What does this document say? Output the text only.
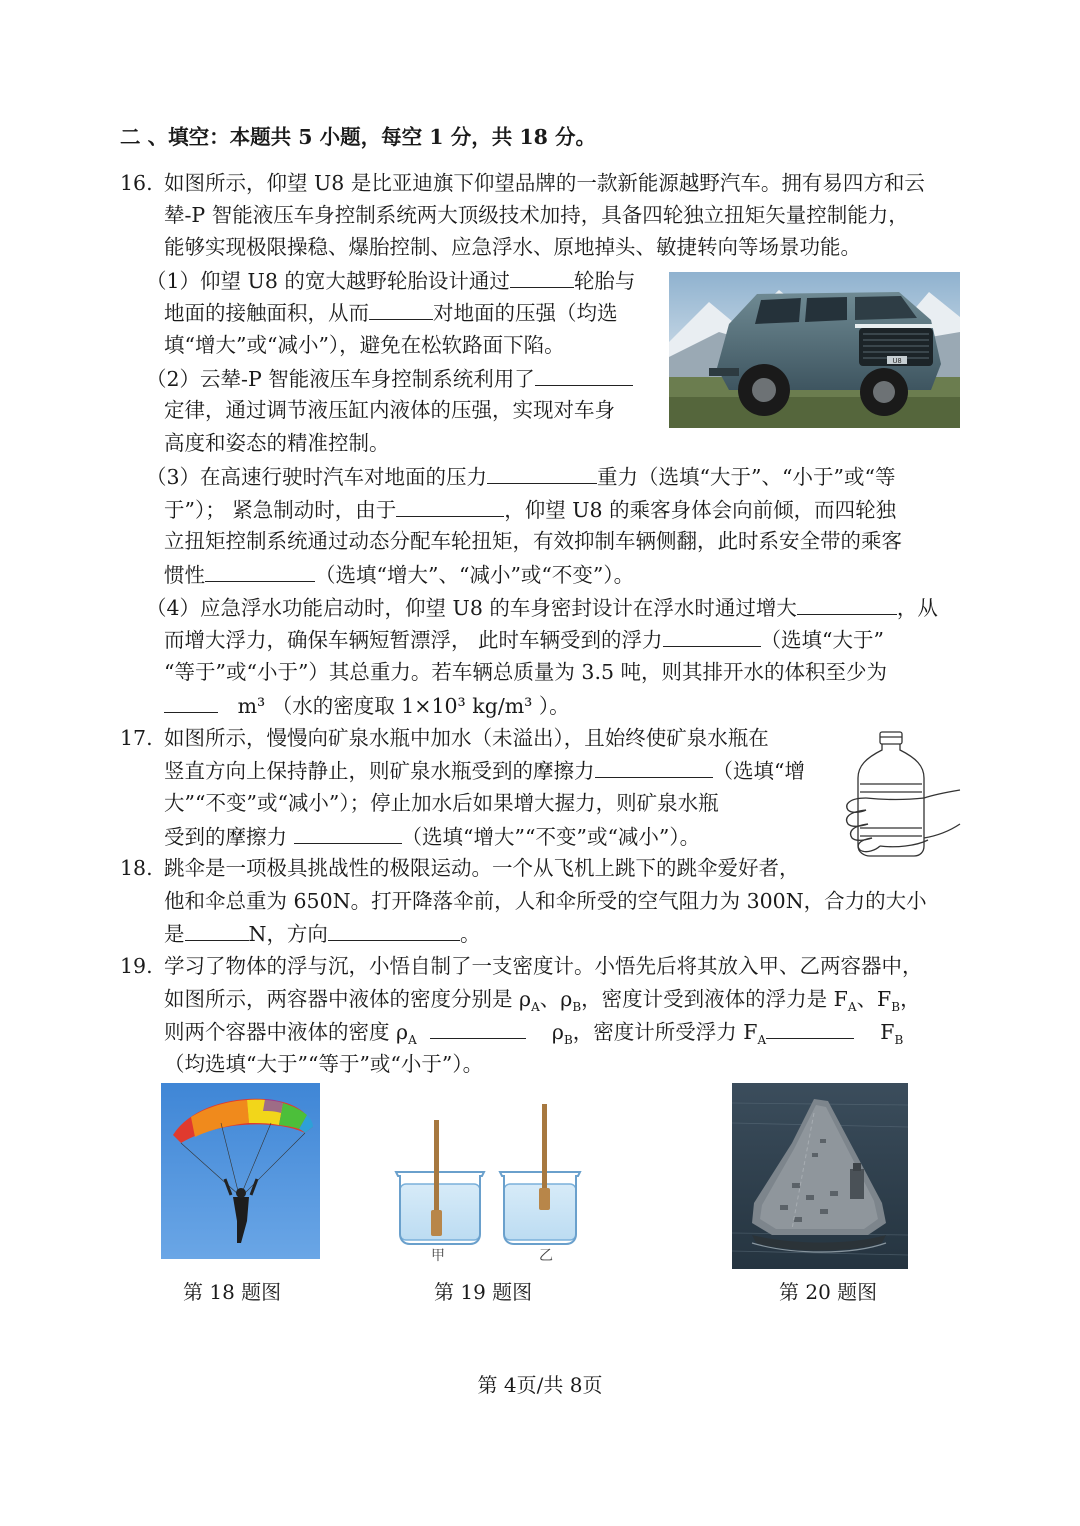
二 、填空：本题共 5 小题，每空 1 分，共 18 分。
16. 如图所示，仰望 U8 是比亚迪旗下仰望品牌的一款新能源越野汽车。拥有易四方和云
辇-P 智能液压车身控制系统两大顶级技术加持，具备四轮独立扭矩矢量控制能力，
能够实现极限操稳、爆胎控制、应急浮水、原地掉头、敏捷转向等场景功能。
（1）仰望 U8 的宽大越野轮胎设计通过	轮胎与
地面的接触面积，从而	对地面的压强（均选
填“增大”或“减小”），避免在松软路面下陷。
（2）云辇-P 智能液压车身控制系统利用了
定律，通过调节液压缸内液体的压强，实现对车身
高度和姿态的精准控制。
U8
（3）在高速行驶时汽车对地面的压力	重力（选填“大于”、“小于”或“等
于”）； 紧急制动时，由于	，仰望 U8 的乘客身体会向前倾，而四轮独
立扭矩控制系统通过动态分配车轮扭矩，有效抑制车辆侧翻，此时系安全带的乘客
惯性	（选填“增大”、“减小”或“不变”）。
（4）应急浮水功能启动时，仰望 U8 的车身密封设计在浮水时通过增大	，从
而增大浮力，确保车辆短暂漂浮， 此时车辆受到的浮力	（选填“大于”
“等于”或“小于”）其总重力。若车辆总质量为 3.5 吨，则其排开水的体积至少为
m³ （水的密度取 1×10³ kg/m³ ）。
17. 如图所示，慢慢向矿泉水瓶中加水（未溢出），且始终使矿泉水瓶在
竖直方向上保持静止，则矿泉水瓶受到的摩擦力	（选填“增
大”“不变”或“减小”）；停止加水后如果增大握力，则矿泉水瓶
受到的摩擦力	（选填“增大”“不变”或“减小”）。
18. 跳伞是一项极具挑战性的极限运动。一个从飞机上跳下的跳伞爱好者，
他和伞总重为 650N。打开降落伞前，人和伞所受的空气阻力为 300N，合力的大小
是	N，方向	。
19. 学习了物体的浮与沉，小悟自制了一支密度计。小悟先后将其放入甲、乙两容器中，
如图所示，两容器中液体的密度分别是 $\rho_A$、$\rho_B$，密度计受到液体的浮力是 $F_A$、$F_B$，
则两个容器中液体的密度 $\rho_A$	$\rho_B$，密度计所受浮力 $F_A$	$F_B$
（均选填“大于”“等于”或“小于”）。
甲	乙
第 18 题图	第 19 题图	第 20 题图
第 4页/共 8页
